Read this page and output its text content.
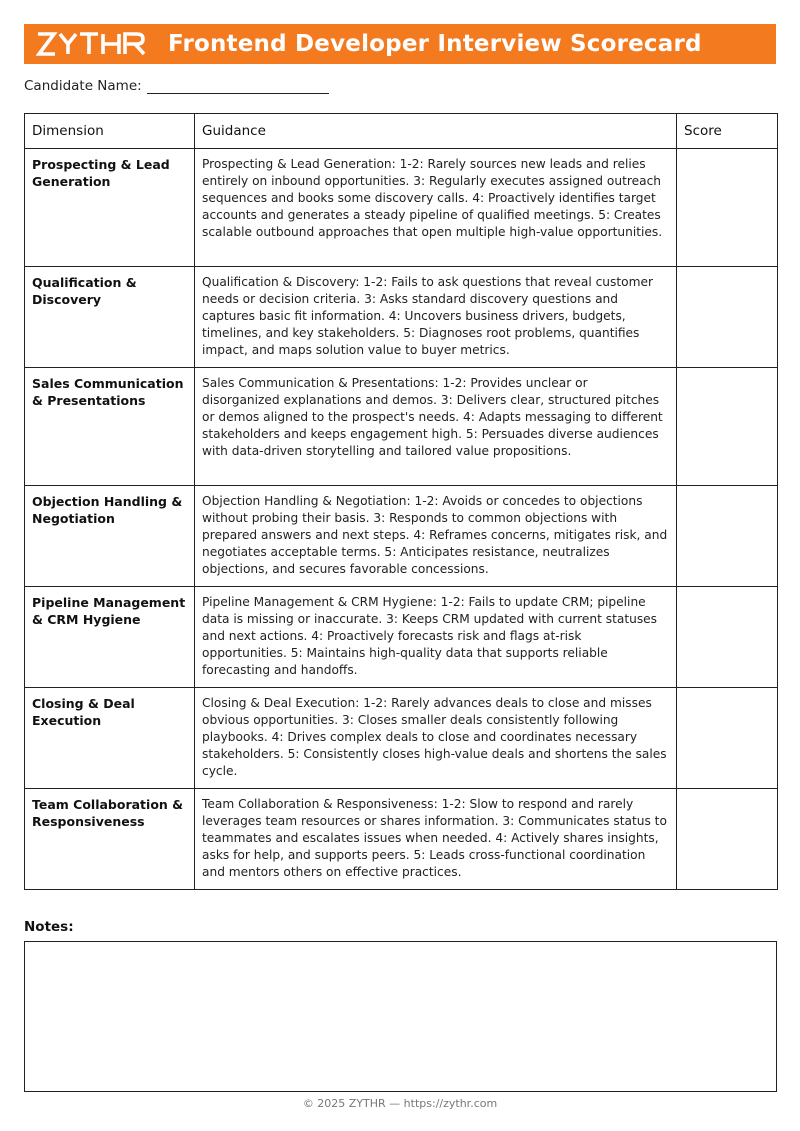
Frontend Developer Interview Scorecard
Candidate Name:
Dimension	Guidance	Score
Prospecting & Lead Generation	Prospecting & Lead Generation: 1-2: Rarely sources new leads and relies entirely on inbound opportunities. 3: Regularly executes assigned outreach sequences and books some discovery calls. 4: Proactively identifies target accounts and generates a steady pipeline of qualified meetings. 5: Creates scalable outbound approaches that open multiple high-value opportunities.	
Qualification & Discovery	Qualification & Discovery: 1-2: Fails to ask questions that reveal customer needs or decision criteria. 3: Asks standard discovery questions and captures basic fit information. 4: Uncovers business drivers, budgets, timelines, and key stakeholders. 5: Diagnoses root problems, quantifies impact, and maps solution value to buyer metrics.	
Sales Communication & Presentations	Sales Communication & Presentations: 1-2: Provides unclear or disorganized explanations and demos. 3: Delivers clear, structured pitches or demos aligned to the prospect's needs. 4: Adapts messaging to different stakeholders and keeps engagement high. 5: Persuades diverse audiences with data-driven storytelling and tailored value propositions.	
Objection Handling & Negotiation	Objection Handling & Negotiation: 1-2: Avoids or concedes to objections without probing their basis. 3: Responds to common objections with prepared answers and next steps. 4: Reframes concerns, mitigates risk, and negotiates acceptable terms. 5: Anticipates resistance, neutralizes objections, and secures favorable concessions.	
Pipeline Management & CRM Hygiene	Pipeline Management & CRM Hygiene: 1-2: Fails to update CRM; pipeline data is missing or inaccurate. 3: Keeps CRM updated with current statuses and next actions. 4: Proactively forecasts risk and flags at-risk opportunities. 5: Maintains high-quality data that supports reliable forecasting and handoffs.	
Closing & Deal Execution	Closing & Deal Execution: 1-2: Rarely advances deals to close and misses obvious opportunities. 3: Closes smaller deals consistently following playbooks. 4: Drives complex deals to close and coordinates necessary stakeholders. 5: Consistently closes high-value deals and shortens the sales cycle.	
Team Collaboration & Responsiveness	Team Collaboration & Responsiveness: 1-2: Slow to respond and rarely leverages team resources or shares information. 3: Communicates status to teammates and escalates issues when needed. 4: Actively shares insights, asks for help, and supports peers. 5: Leads cross-functional coordination and mentors others on effective practices.	
Notes:
© 2025 ZYTHR — https://zythr.com
